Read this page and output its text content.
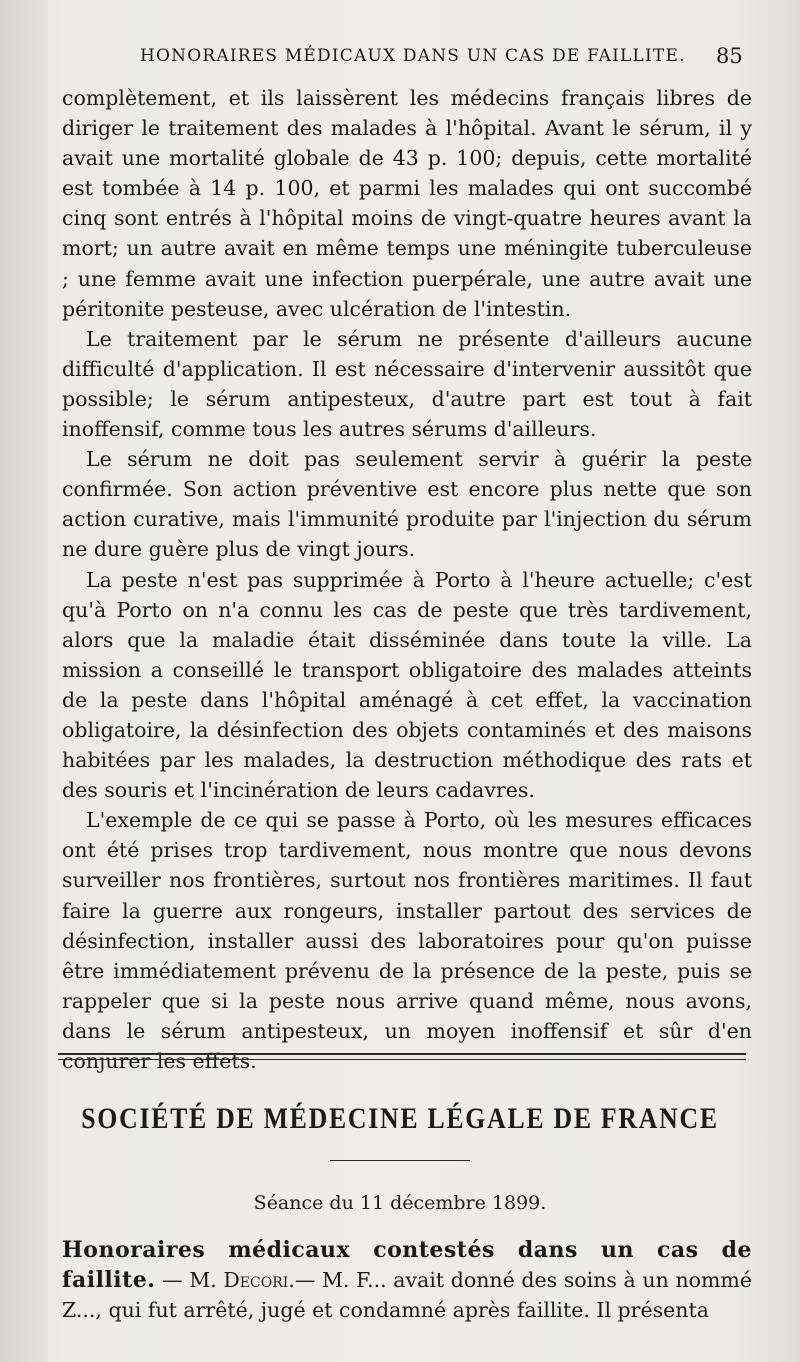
HONORAIRES MÉDICAUX DANS UN CAS DE FAILLITE. 85

complètement, et ils laissèrent les médecins français libres de diriger le traitement des malades à l'hôpital. Avant le sérum, il y avait une mortalité globale de 43 p. 100; depuis, cette mortalité est tombée à 14 p. 100, et parmi les malades qui ont succombé cinq sont entrés à l'hôpital moins de vingt-quatre heures avant la mort; un autre avait en même temps une méningite tuberculeuse ; une femme avait une infection puerpérale, une autre avait une péritonite pesteuse, avec ulcération de l'intestin.

Le traitement par le sérum ne présente d'ailleurs aucune difficulté d'application. Il est nécessaire d'intervenir aussitôt que possible; le sérum antipesteux, d'autre part est tout à fait inoffensif, comme tous les autres sérums d'ailleurs.

Le sérum ne doit pas seulement servir à guérir la peste confirmée. Son action préventive est encore plus nette que son action curative, mais l'immunité produite par l'injection du sérum ne dure guère plus de vingt jours.

La peste n'est pas supprimée à Porto à l'heure actuelle; c'est qu'à Porto on n'a connu les cas de peste que très tardivement, alors que la maladie était disséminée dans toute la ville. La mission a conseillé le transport obligatoire des malades atteints de la peste dans l'hôpital aménagé à cet effet, la vaccination obligatoire, la désinfection des objets contaminés et des maisons habitées par les malades, la destruction méthodique des rats et des souris et l'incinération de leurs cadavres.

L'exemple de ce qui se passe à Porto, où les mesures efficaces ont été prises trop tardivement, nous montre que nous devons surveiller nos frontières, surtout nos frontières maritimes. Il faut faire la guerre aux rongeurs, installer partout des services de désinfection, installer aussi des laboratoires pour qu'on puisse être immédiatement prévenu de la présence de la peste, puis se rappeler que si la peste nous arrive quand même, nous avons, dans le sérum antipesteux, un moyen inoffensif et sûr d'en conjurer les effets.

SOCIÉTÉ DE MÉDECINE LÉGALE DE FRANCE
Séance du 11 décembre 1899.
Honoraires médicaux contestés dans un cas de faillite. — M. Decori.— M. F... avait donné des soins à un nommé Z..., qui fut arrêté, jugé et condamné après faillite. Il présenta
